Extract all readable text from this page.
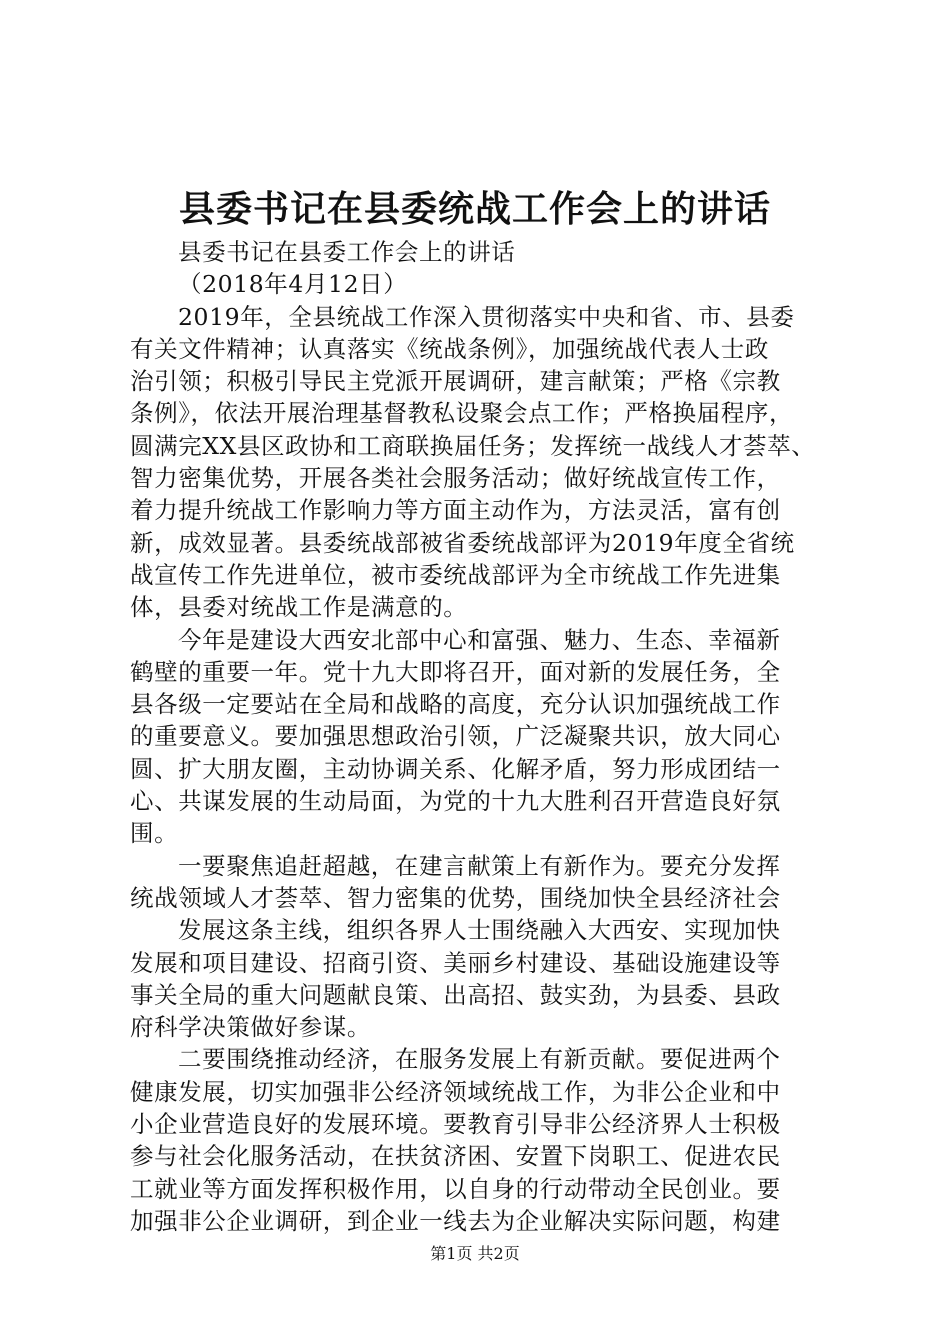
县委书记在县委统战工作会上的讲话
县委书记在县委工作会上的讲话
（2018年4月12日）
2019年，全县统战工作深入贯彻落实中央和省、市、县委
有关文件精神；认真落实《统战条例》，加强统战代表人士政
治引领；积极引导民主党派开展调研，建言献策；严格《宗教
条例》，依法开展治理基督教私设聚会点工作；严格换届程序，
圆满完XX县区政协和工商联换届任务；发挥统一战线人才荟萃、
智力密集优势，开展各类社会服务活动；做好统战宣传工作，
着力提升统战工作影响力等方面主动作为，方法灵活，富有创
新，成效显著。县委统战部被省委统战部评为2019年度全省统
战宣传工作先进单位，被市委统战部评为全市统战工作先进集
体，县委对统战工作是满意的。
今年是建设大西安北部中心和富强、魅力、生态、幸福新
鹤壁的重要一年。党十九大即将召开，面对新的发展任务，全
县各级一定要站在全局和战略的高度，充分认识加强统战工作
的重要意义。要加强思想政治引领，广泛凝聚共识，放大同心
圆、扩大朋友圈，主动协调关系、化解矛盾，努力形成团结一
心、共谋发展的生动局面，为党的十九大胜利召开营造良好氛
围。
一要聚焦追赶超越，在建言献策上有新作为。要充分发挥
统战领域人才荟萃、智力密集的优势，围绕加快全县经济社会
发展这条主线，组织各界人士围绕融入大西安、实现加快
发展和项目建设、招商引资、美丽乡村建设、基础设施建设等
事关全局的重大问题献良策、出高招、鼓实劲，为县委、县政
府科学决策做好参谋。
二要围绕推动经济，在服务发展上有新贡献。要促进两个
健康发展，切实加强非公经济领域统战工作，为非公企业和中
小企业营造良好的发展环境。要教育引导非公经济界人士积极
参与社会化服务活动，在扶贫济困、安置下岗职工、促进农民
工就业等方面发挥积极作用，以自身的行动带动全民创业。要
加强非公企业调研，到企业一线去为企业解决实际问题，构建
第1页 共2页
